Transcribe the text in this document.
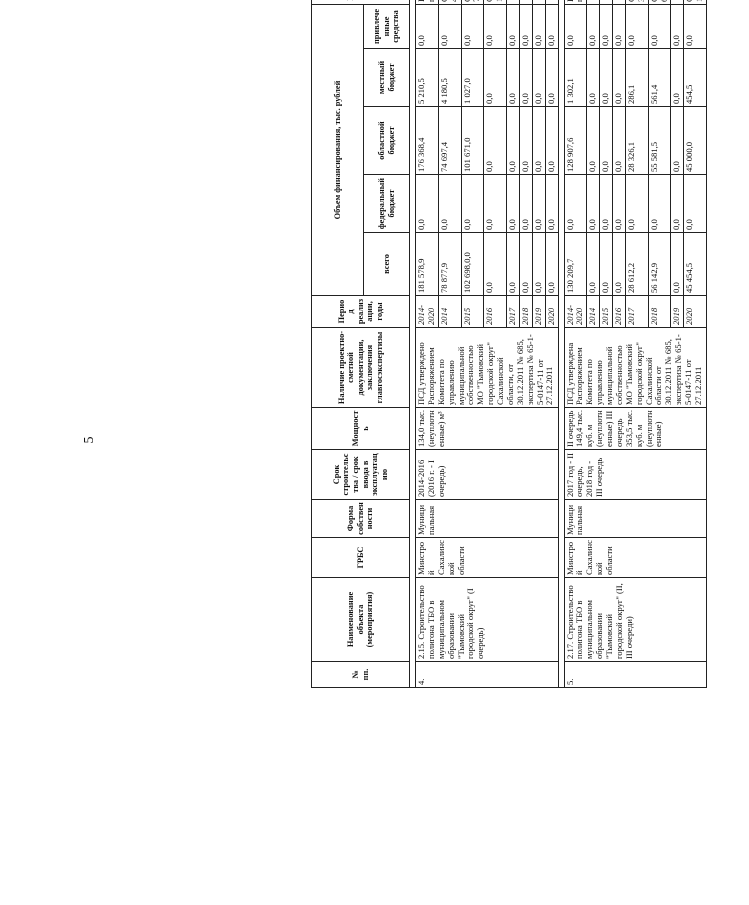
5
№ пп.	Наименование объекта (мероприятия)	ГРБС	Форма собственности	Срок строительства / срок ввода в эксплуатацию	Мощность	Наличие проектно-сметной документации, заключения главгосэкспертизы	Период реализации, годы	Объем финансирования, тыс. рублей	
								всего	федеральный бюджет	областной бюджет	местный бюджет	привлеченные средства	

4.	2.15. Строительство полигона ТБО в муниципальном образовании "Тымовский городской округ" (I очередь)	Минстрой Сахалинской области	Муниципальная	2014-2016 (2016 г. - I очередь)	134,0 тыс. (неуплотненные) м³	ПСД утверждено Распоряжением Комитета по управлению муниципальной собственностью МО "Тымовский городской округ" Сахалинской области, от 30.12.2011 № 685, экспертиза № 65-1-5-0147-11 от 27.12.2011	2014-2020	181 578,9	0,0	176 368,4	5 210,5	0,0	
							2014	78 877,9	0,0	74 697,4	4 180,5	0,0	
							2015	102 698,0,0	0,0	101 671,0	1 027,0	0,0	
							2016	0,0	0,0	0,0	0,0	0,0	
							2017	0,0	0,0	0,0	0,0	0,0	
							2018	0,0	0,0	0,0	0,0	0,0	
							2019	0,0	0,0	0,0	0,0	0,0	
							2020	0,0	0,0	0,0	0,0	0,0	

5.	2.17. Строительство полигона ТБО в муниципальном образовании "Тымовский городской округ" (II, III очереди)	Минстрой Сахалинской области	Муниципальная	2017 год - II очередь, 2018 год - III очередь	II очередь 149,4 тыс. куб. м (неуплотненные) III очередь 353,5 тыс. куб. м (неуплотненные)	ПСД утверждена Распоряжением Комитета по управлению муниципальной собственностью МО "Тымовский городской округ" Сахалинской области от 30.12.2011 № 685, экспертиза № 65-1-5-0147-11 от 27.12.2011	2014-2020	130 209,7	0,0	128 907,6	1 302,1	0,0	
							2014	0,0	0,0	0,0	0,0	0,0	
							2015	0,0	0,0	0,0	0,0	0,0	
							2016	0,0	0,0	0,0	0,0	0,0	
							2017	28 612,2	0,0	28 326,1	286,1	0,0	
							2018	56 142,9	0,0	55 581,5	561,4	0,0	
							2019	0,0	0,0	0,0	0,0	0,0	
							2020	45 454,5	0,0	45 000,0	454,5	0,0	
